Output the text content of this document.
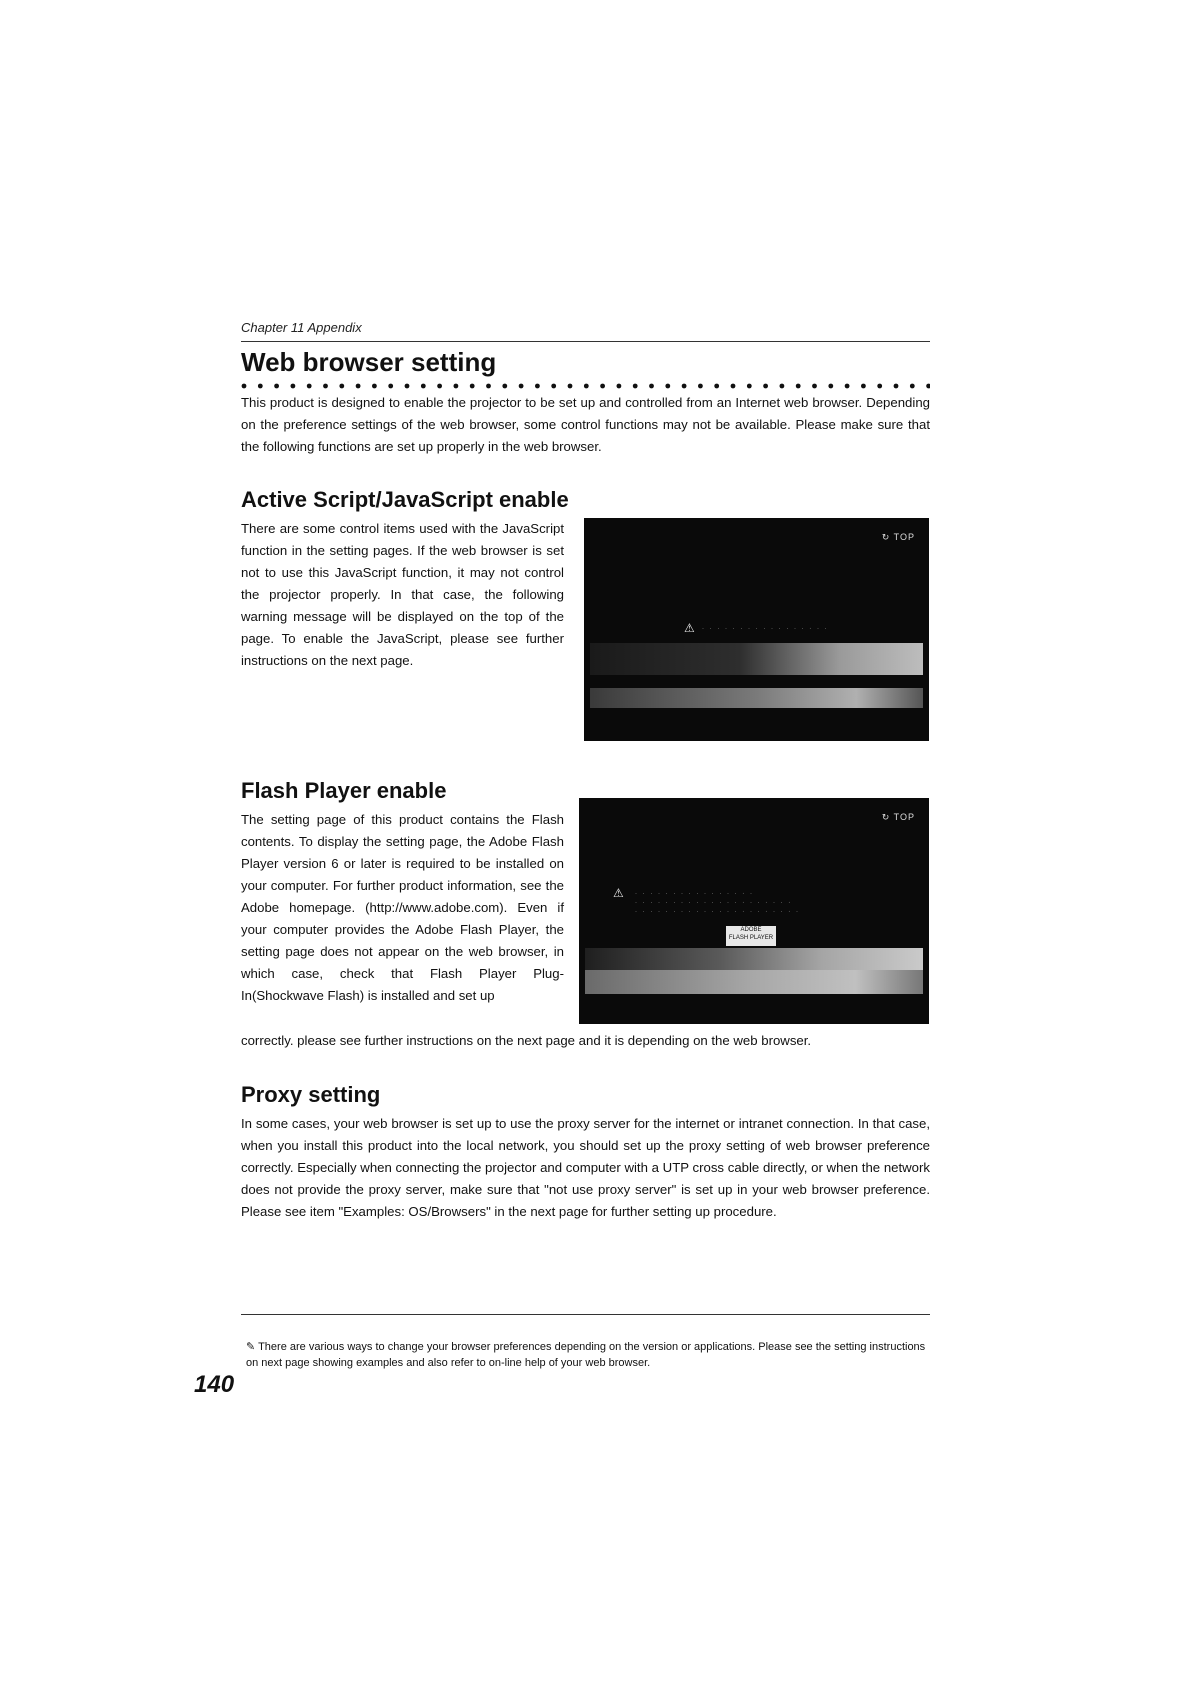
Chapter 11 Appendix
Web browser setting
This product is designed to enable the projector to be set up and controlled from an Internet web browser. Depending on the preference settings of the web browser, some control functions may not be available. Please make sure that the following functions are set up properly in the web browser.
Active Script/JavaScript enable
There are some control items used with the JavaScript function in the setting pages. If the web browser is set not to use this JavaScript function, it may not control the projector properly. In that case, the following warning message will be displayed on the top of the page. To enable the JavaScript, please see further instructions on the next page.
↻ TOP
⚠ · · · · · · · · · · · · · · · · ·
Flash Player enable
The setting page of this product contains the Flash contents. To display the setting page, the Adobe Flash Player version 6 or later is required to be installed on your computer. For further product information, see the Adobe homepage. (http://www.adobe.com). Even if your computer provides the Adobe Flash Player, the setting page does not appear on the web browser, in which case, check that Flash Player Plug-In(Shockwave Flash) is installed and set up
↻ TOP
⚠ · · · · · · · · · · · · · · · ·
· · · · · · · · · · · · · · · · · · · · ·
· · · · · · · · · · · · · · · · · · · · · ·
ADOBE
FLASH PLAYER
correctly. please see further instructions on the next page and it is depending on the web browser.
Proxy setting
In some cases, your web browser is set up to use the proxy server for the internet or intranet connection. In that case, when you install this product into the local network, you should set up the proxy setting of web browser preference correctly. Especially when connecting the projector and computer with a UTP cross cable directly, or when the network does not provide the proxy server, make sure that "not use proxy server" is set up in your web browser preference. Please see item "Examples: OS/Browsers" in the next page for further setting up procedure.
✎ There are various ways to change your browser preferences depending on the version or applications. Please see the setting instructions on next page showing examples and also refer to on-line help of your web browser.
140
